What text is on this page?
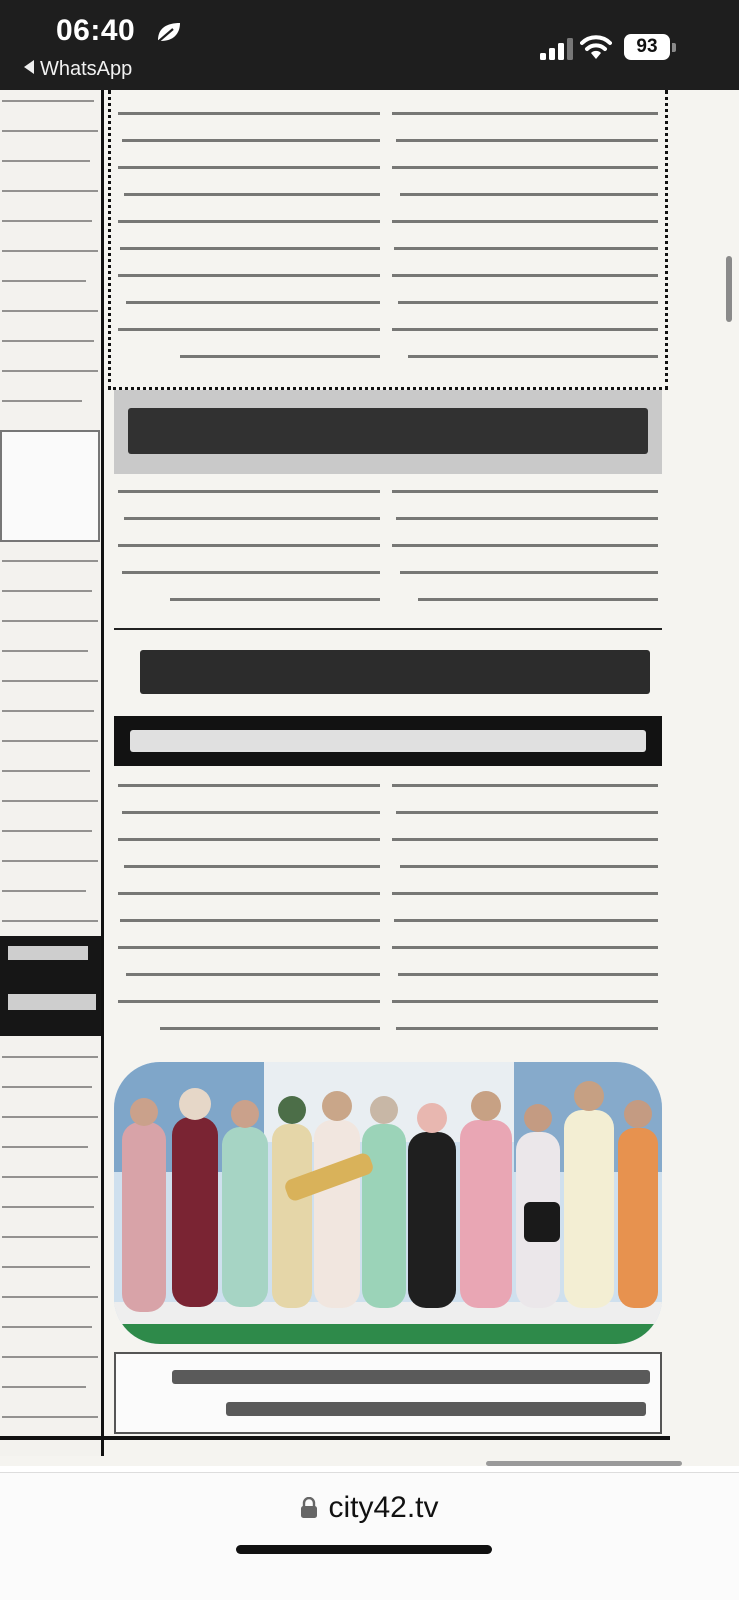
06:40
WhatsApp
93
city42.tv
